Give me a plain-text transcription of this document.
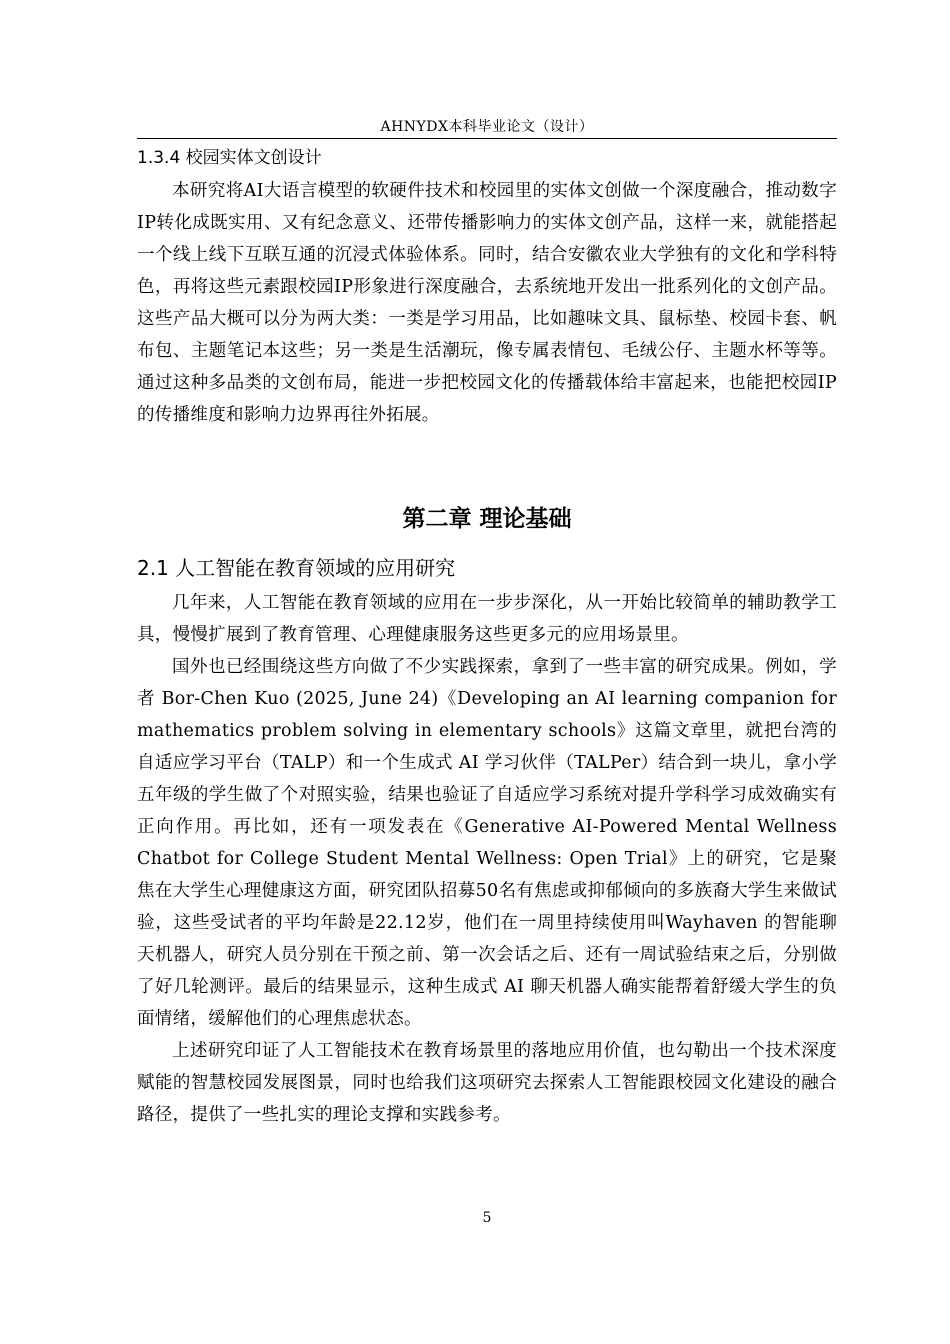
AHNYDX本科毕业论文（设计）
1.3.4 校园实体文创设计

本研究将AI大语言模型的软硬件技术和校园里的实体文创做一个深度融合，推动数字IP转化成既实用、又有纪念意义、还带传播影响力的实体文创产品，这样一来，就能搭起一个线上线下互联互通的沉浸式体验体系。同时，结合安徽农业大学独有的文化和学科特色，再将这些元素跟校园IP形象进行深度融合，去系统地开发出一批系列化的文创产品。这些产品大概可以分为两大类：一类是学习用品，比如趣味文具、鼠标垫、校园卡套、帆布包、主题笔记本这些；另一类是生活潮玩，像专属表情包、毛绒公仔、主题水杯等等。通过这种多品类的文创布局，能进一步把校园文化的传播载体给丰富起来，也能把校园IP的传播维度和影响力边界再往外拓展。

第二章 理论基础
2.1 人工智能在教育领域的应用研究

几年来，人工智能在教育领域的应用在一步步深化，从一开始比较简单的辅助教学工具，慢慢扩展到了教育管理、心理健康服务这些更多元的应用场景里。

国外也已经围绕这些方向做了不少实践探索，拿到了一些丰富的研究成果。例如，学者 Bor-Chen Kuo (2025, June 24)《Developing an AI learning companion for mathematics problem solving in elementary schools》这篇文章里，就把台湾的自适应学习平台（TALP）和一个生成式 AI 学习伙伴（TALPer）结合到一块儿，拿小学五年级的学生做了个对照实验，结果也验证了自适应学习系统对提升学科学习成效确实有正向作用。再比如，还有一项发表在《Generative AI-Powered Mental Wellness Chatbot for College Student Mental Wellness: Open Trial》上的研究，它是聚焦在大学生心理健康这方面，研究团队招募50名有焦虑或抑郁倾向的多族裔大学生来做试验，这些受试者的平均年龄是22.12岁，他们在一周里持续使用叫Wayhaven 的智能聊天机器人，研究人员分别在干预之前、第一次会话之后、还有一周试验结束之后，分别做了好几轮测评。最后的结果显示，这种生成式 AI 聊天机器人确实能帮着舒缓大学生的负面情绪，缓解他们的心理焦虑状态。

上述研究印证了人工智能技术在教育场景里的落地应用价值，也勾勒出一个技术深度赋能的智慧校园发展图景，同时也给我们这项研究去探索人工智能跟校园文化建设的融合路径，提供了一些扎实的理论支撑和实践参考。

5
